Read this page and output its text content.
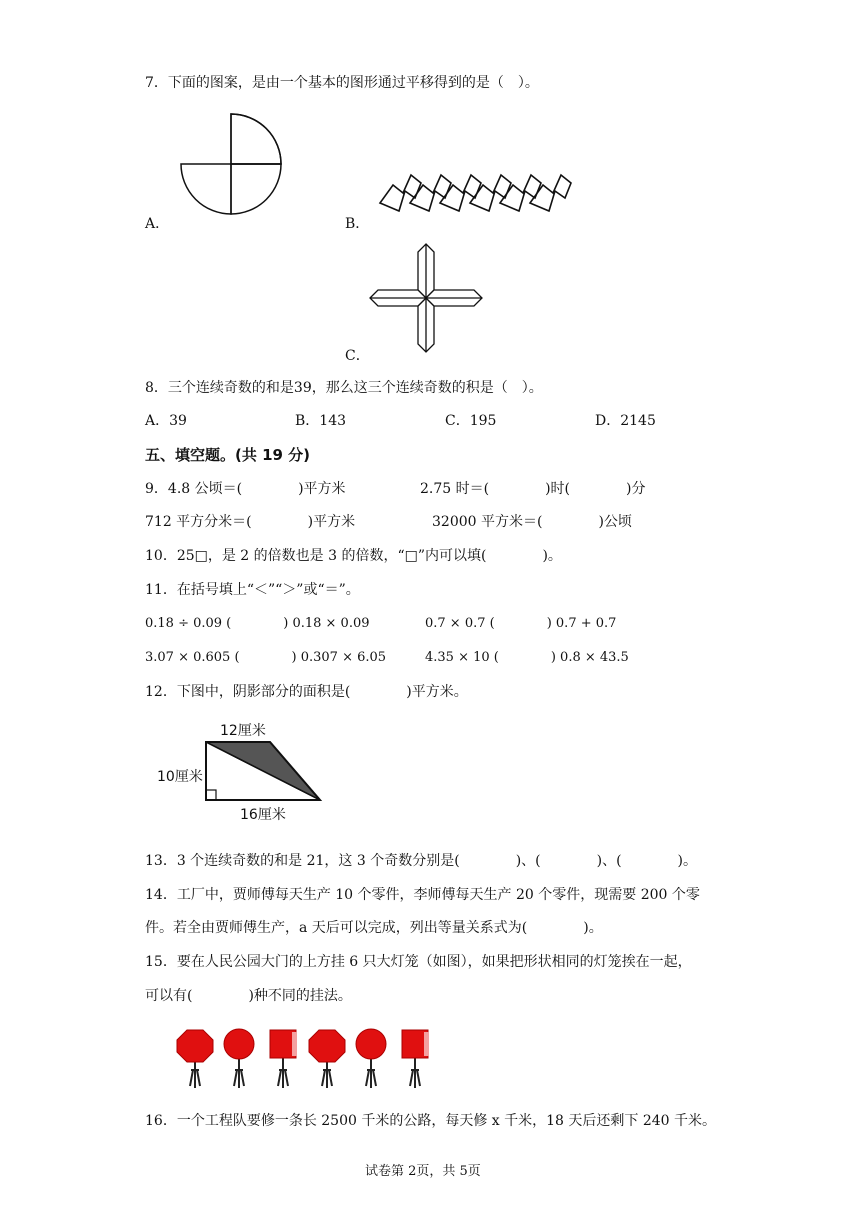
7．下面的图案，是由一个基本的图形通过平移得到的是（　）。
A．	B．
C．
8．三个连续奇数的和是39，那么这三个连续奇数的积是（　）。
A．39	B．143	C．195	D．2145
五、填空题。(共 19 分)
9．4.8 公顷＝(　　　　)平方米	2.75 时＝(　　　　)时(　　　　)分
712 平方分米＝(　　　　)平方米	32000 平方米＝(　　　　)公顷
10．25□，是 2 的倍数也是 3 的倍数，“□”内可以填(　　　　)。
11．在括号填上“＜”“＞”或“＝”。
0.18 ÷ 0.09 (　　　　) 0.18 × 0.09	0.7 × 0.7 (　　　　) 0.7 + 0.7
3.07 × 0.605 (　　　　) 0.307 × 6.05	4.35 × 10 (　　　　) 0.8 × 43.5
12．下图中，阴影部分的面积是(　　　　)平方米。
12厘米
10厘米
16厘米
13．3 个连续奇数的和是 21，这 3 个奇数分别是(　　　　)、(　　　　)、(　　　　)。
14．工厂中，贾师傅每天生产 10 个零件，李师傅每天生产 20 个零件，现需要 200 个零
件。若全由贾师傅生产，a 天后可以完成，列出等量关系式为(　　　　)。
15．要在人民公园大门的上方挂 6 只大灯笼（如图），如果把形状相同的灯笼挨在一起，
可以有(　　　　)种不同的挂法。
16．一个工程队要修一条长 2500 千米的公路，每天修 x 千米，18 天后还剩下 240 千米。
试卷第 2页，共 5页
